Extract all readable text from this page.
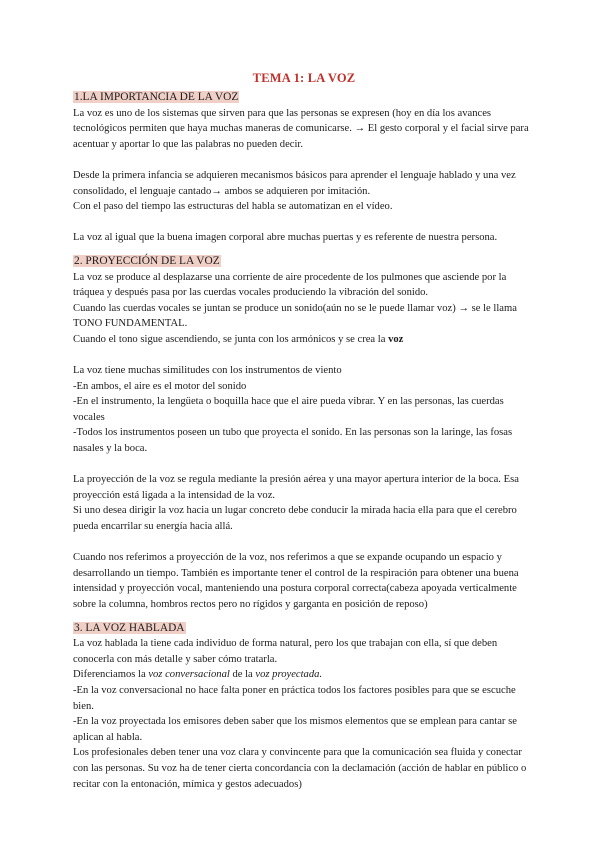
TEMA 1: LA VOZ
1.LA IMPORTANCIA DE LA VOZ

La voz es uno de los sistemas que sirven para que las personas se expresen (hoy en día los avances tecnológicos permiten que haya muchas maneras de comunicarse. → El gesto corporal y el facial sirve para acentuar y aportar lo que las palabras no pueden decir.

Desde la primera infancia se adquieren mecanismos básicos para aprender el lenguaje hablado y una vez consolidado, el lenguaje cantado→ ambos se adquieren por imitación.

Con el paso del tiempo las estructuras del habla se automatizan en el vídeo.

La voz al igual que la buena imagen corporal abre muchas puertas y es referente de nuestra persona.

2. PROYECCIÓN DE LA VOZ

La voz se produce al desplazarse una corriente de aire procedente de los pulmones que asciende por la tráquea y después pasa por las cuerdas vocales produciendo la vibración del sonido.

Cuando las cuerdas vocales se juntan se produce un sonido(aún no se le puede llamar voz) → se le llama TONO FUNDAMENTAL.

Cuando el tono sigue ascendiendo, se junta con los armónicos y se crea la voz

La voz tiene muchas similitudes con los instrumentos de viento

-En ambos, el aire es el motor del sonido

-En el instrumento, la lengüeta o boquilla hace que el aire pueda vibrar. Y en las personas, las cuerdas vocales

-Todos los instrumentos poseen un tubo que proyecta el sonido. En las personas son la laringe, las fosas nasales y la boca.

La proyección de la voz se regula mediante la presión aérea y una mayor apertura interior de la boca. Esa proyección está ligada a la intensidad de la voz.

Si uno desea dirigir la voz hacia un lugar concreto debe conducir la mirada hacia ella para que el cerebro pueda encarrilar su energía hacia allá.

Cuando nos referimos a proyección de la voz, nos referimos a que se expande ocupando un espacio y desarrollando un tiempo. También es importante tener el control de la respiración para obtener una buena intensidad y proyección vocal, manteniendo una postura corporal correcta(cabeza apoyada verticalmente sobre la columna, hombros rectos pero no rígidos y garganta en posición de reposo)

3. LA VOZ HABLADA

La voz hablada la tiene cada individuo de forma natural, pero los que trabajan con ella, sí que deben conocerla con más detalle y saber cómo tratarla.

Diferenciamos la voz conversacional de la voz proyectada.

-En la voz conversacional no hace falta poner en práctica todos los factores posibles para que se escuche bien.

-En la voz proyectada los emisores deben saber que los mismos elementos que se emplean para cantar se aplican al habla.

Los profesionales deben tener una voz clara y convincente para que la comunicación sea fluida y conectar con las personas. Su voz ha de tener cierta concordancia con la declamación (acción de hablar en público o recitar con la entonación, mímica y gestos adecuados)
